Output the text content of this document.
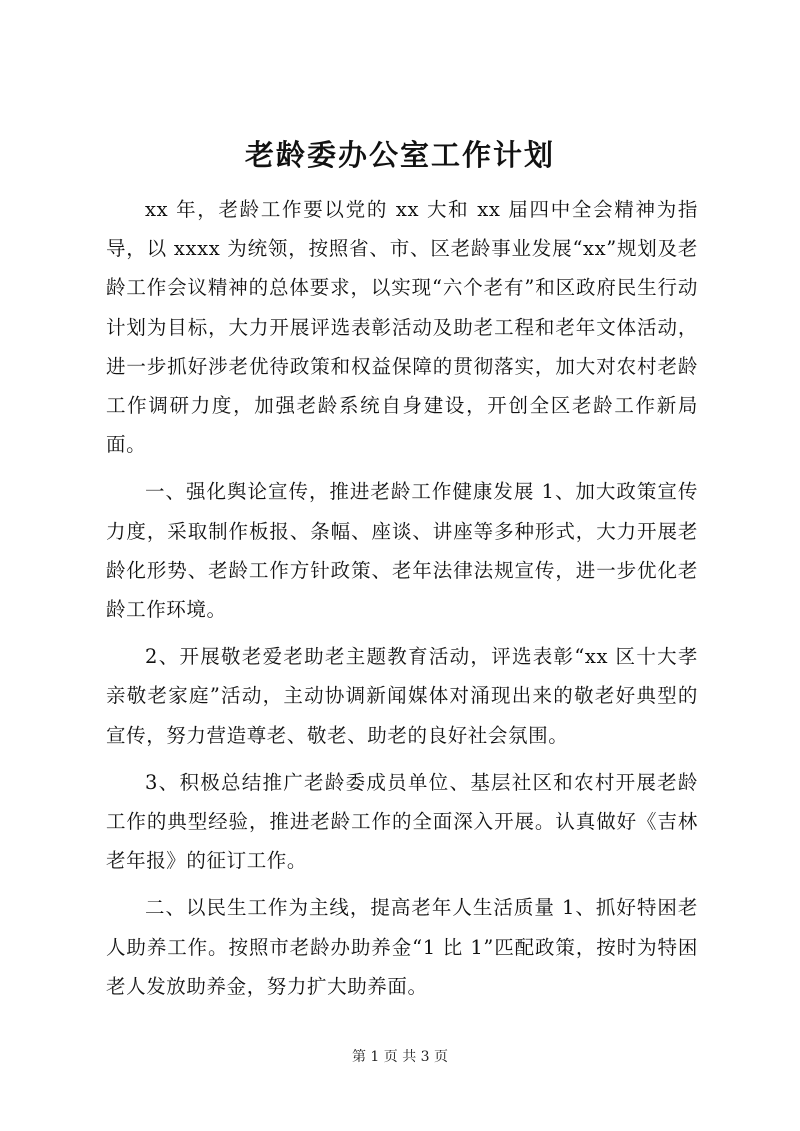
老龄委办公室工作计划

xx 年，老龄工作要以党的 xx 大和 xx 届四中全会精神为指导，以 xxxx 为统领，按照省、市、区老龄事业发展“xx”规划及老龄工作会议精神的总体要求，以实现“六个老有”和区政府民生行动计划为目标，大力开展评选表彰活动及助老工程和老年文体活动，进一步抓好涉老优待政策和权益保障的贯彻落实，加大对农村老龄工作调研力度，加强老龄系统自身建设，开创全区老龄工作新局面。

一、强化舆论宣传，推进老龄工作健康发展 1、加大政策宣传力度，采取制作板报、条幅、座谈、讲座等多种形式，大力开展老龄化形势、老龄工作方针政策、老年法律法规宣传，进一步优化老龄工作环境。

2、开展敬老爱老助老主题教育活动，评选表彰“xx 区十大孝亲敬老家庭”活动，主动协调新闻媒体对涌现出来的敬老好典型的宣传，努力营造尊老、敬老、助老的良好社会氛围。

3、积极总结推广老龄委成员单位、基层社区和农村开展老龄工作的典型经验，推进老龄工作的全面深入开展。认真做好《吉林老年报》的征订工作。

二、以民生工作为主线，提高老年人生活质量 1、抓好特困老人助养工作。按照市老龄办助养金“1 比 1”匹配政策，按时为特困老人发放助养金，努力扩大助养面。

第 1 页 共 3 页
